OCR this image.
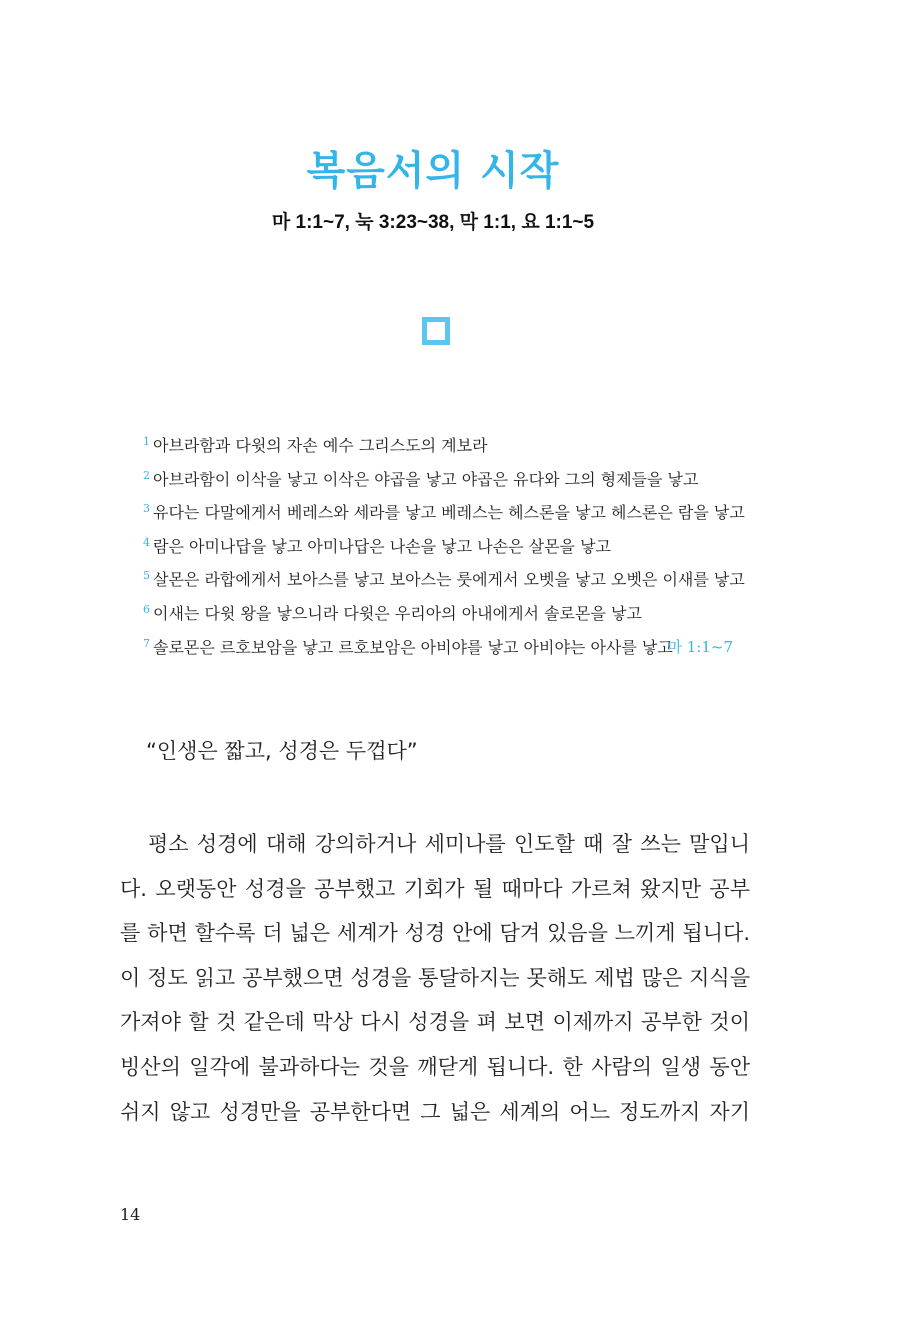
복음서의 시작
마 1:1~7, 눅 3:23~38, 막 1:1, 요 1:1~5
$^1$ 아브라함과 다윗의 자손 예수 그리스도의 계보라
$^2$ 아브라함이 이삭을 낳고 이삭은 야곱을 낳고 야곱은 유다와 그의 형제들을 낳고
$^3$ 유다는 다말에게서 베레스와 세라를 낳고 베레스는 헤스론을 낳고 헤스론은 람을 낳고
$^4$ 람은 아미나답을 낳고 아미나답은 나손을 낳고 나손은 살몬을 낳고
$^5$ 살몬은 라합에게서 보아스를 낳고 보아스는 룻에게서 오벳을 낳고 오벳은 이새를 낳고
$^6$ 이새는 다윗 왕을 낳으니라 다윗은 우리아의 아내에게서 솔로몬을 낳고
$^7$ 솔로몬은 르호보암을 낳고 르호보암은 아비야를 낳고 아비야는 아사를 낳고
마 1:1~7
“인생은 짧고, 성경은 두껍다”
평소 성경에 대해 강의하거나 세미나를 인도할 때 잘 쓰는 말입니
다. 오랫동안 성경을 공부했고 기회가 될 때마다 가르쳐 왔지만 공부
를 하면 할수록 더 넓은 세계가 성경 안에 담겨 있음을 느끼게 됩니다.
이 정도 읽고 공부했으면 성경을 통달하지는 못해도 제법 많은 지식을
가져야 할 것 같은데 막상 다시 성경을 펴 보면 이제까지 공부한 것이
빙산의 일각에 불과하다는 것을 깨닫게 됩니다. 한 사람의 일생 동안
쉬지 않고 성경만을 공부한다면 그 넓은 세계의 어느 정도까지 자기
14
